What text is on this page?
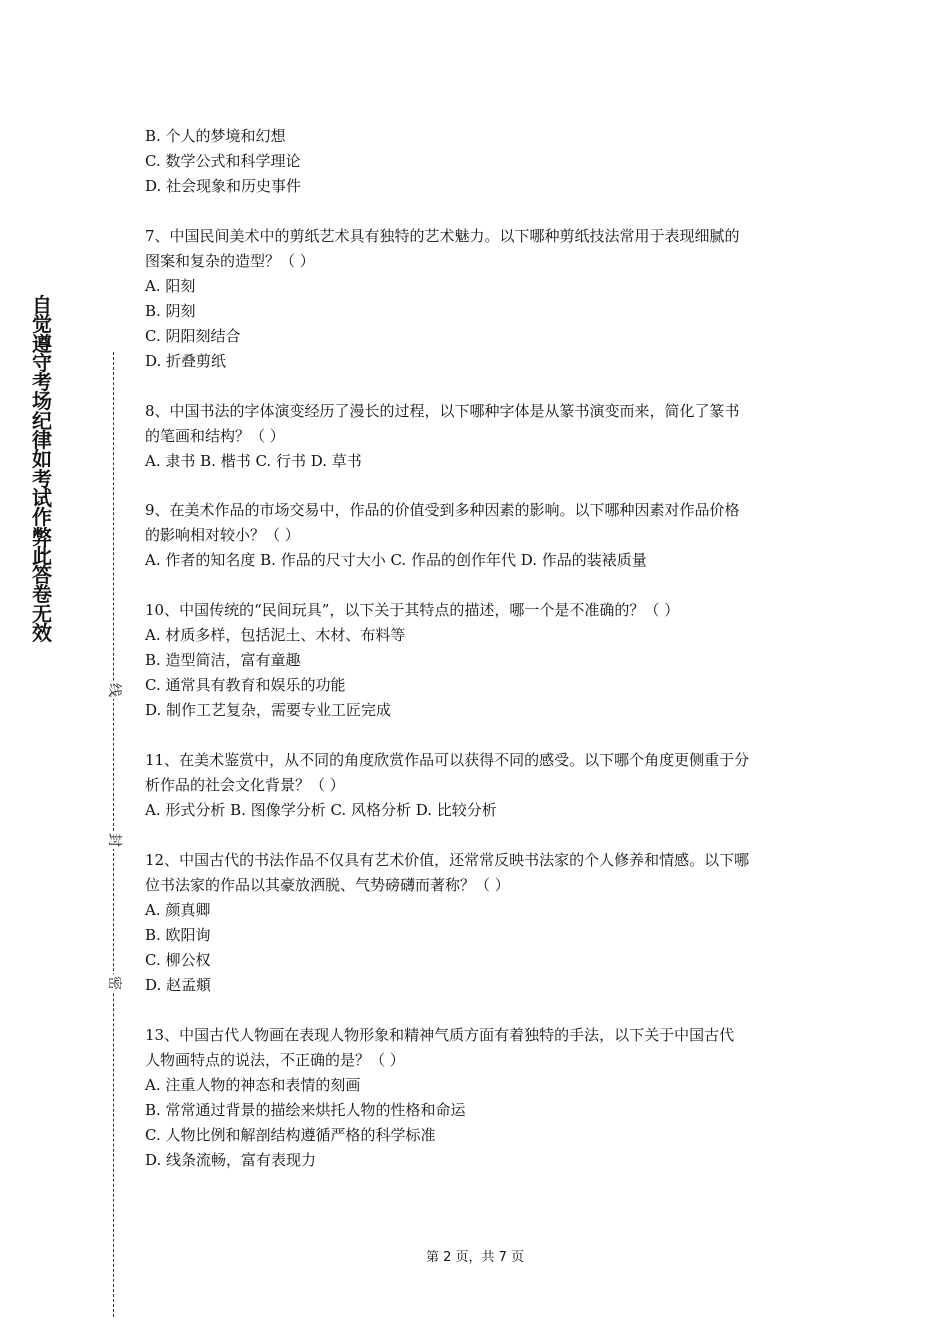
自
觉
遵
守
考
场
纪
律
如
考
试
作
弊
此
答
卷
无
效
线
封
密
B. 个人的梦境和幻想
C. 数学公式和科学理论
D. 社会现象和历史事件
7、中国民间美术中的剪纸艺术具有独特的艺术魅力。以下哪种剪纸技法常用于表现细腻的
图案和复杂的造型？（ ）
A. 阳刻
B. 阴刻
C. 阴阳刻结合
D. 折叠剪纸
8、中国书法的字体演变经历了漫长的过程，以下哪种字体是从篆书演变而来，简化了篆书
的笔画和结构？（ ）
A. 隶书 B. 楷书 C. 行书 D. 草书
9、在美术作品的市场交易中，作品的价值受到多种因素的影响。以下哪种因素对作品价格
的影响相对较小？（ ）
A. 作者的知名度 B. 作品的尺寸大小 C. 作品的创作年代 D. 作品的装裱质量
10、中国传统的“民间玩具”，以下关于其特点的描述，哪一个是不准确的？（ ）
A. 材质多样，包括泥土、木材、布料等
B. 造型简洁，富有童趣
C. 通常具有教育和娱乐的功能
D. 制作工艺复杂，需要专业工匠完成
11、在美术鉴赏中，从不同的角度欣赏作品可以获得不同的感受。以下哪个角度更侧重于分
析作品的社会文化背景？（ ）
A. 形式分析 B. 图像学分析 C. 风格分析 D. 比较分析
12、中国古代的书法作品不仅具有艺术价值，还常常反映书法家的个人修养和情感。以下哪
位书法家的作品以其豪放洒脱、气势磅礴而著称？（ ）
A. 颜真卿
B. 欧阳询
C. 柳公权
D. 赵孟頫
13、中国古代人物画在表现人物形象和精神气质方面有着独特的手法，以下关于中国古代
人物画特点的说法，不正确的是？（ ）
A. 注重人物的神态和表情的刻画
B. 常常通过背景的描绘来烘托人物的性格和命运
C. 人物比例和解剖结构遵循严格的科学标准
D. 线条流畅，富有表现力
第 2 页，共 7 页
